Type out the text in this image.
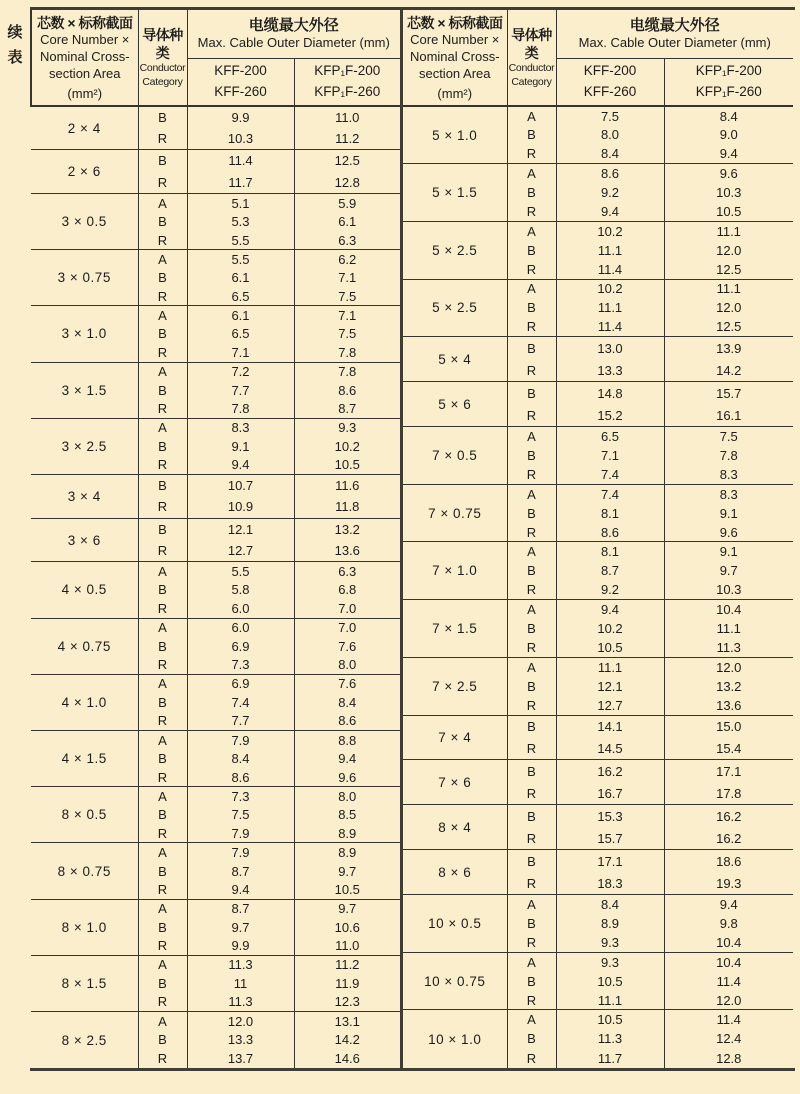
续表
芯数 × 标称截面
Core Number ×
Nominal Cross-
section Area
(mm²)

导体种
类
Conductor
Category

电缆最大外径
Max. Cable Outer Diameter (mm)

KFF-200
KFF-260

KFP₁F-200
KFP₁F-260

2 × 4	B	9.9	11.0
	R	10.3	11.2
2 × 6	B	11.4	12.5
	R	11.7	12.8
3 × 0.5	A	5.1	5.9
	B	5.3	6.1
	R	5.5	6.3
3 × 0.75	A	5.5	6.2
	B	6.1	7.1
	R	6.5	7.5
3 × 1.0	A	6.1	7.1
	B	6.5	7.5
	R	7.1	7.8
3 × 1.5	A	7.2	7.8
	B	7.7	8.6
	R	7.8	8.7
3 × 2.5	A	8.3	9.3
	B	9.1	10.2
	R	9.4	10.5
3 × 4	B	10.7	11.6
	R	10.9	11.8
3 × 6	B	12.1	13.2
	R	12.7	13.6
4 × 0.5	A	5.5	6.3
	B	5.8	6.8
	R	6.0	7.0
4 × 0.75	A	6.0	7.0
	B	6.9	7.6
	R	7.3	8.0
4 × 1.0	A	6.9	7.6
	B	7.4	8.4
	R	7.7	8.6
4 × 1.5	A	7.9	8.8
	B	8.4	9.4
	R	8.6	9.6
8 × 0.5	A	7.3	8.0
	B	7.5	8.5
	R	7.9	8.9
8 × 0.75	A	7.9	8.9
	B	8.7	9.7
	R	9.4	10.5
8 × 1.0	A	8.7	9.7
	B	9.7	10.6
	R	9.9	11.0
8 × 1.5	A	11.3	11.2
	B	11	11.9
	R	11.3	12.3
8 × 2.5	A	12.0	13.1
	B	13.3	14.2
	R	13.7	14.6
芯数 × 标称截面
Core Number ×
Nominal Cross-
section Area
(mm²)

导体种
类
Conductor
Category

电缆最大外径
Max. Cable Outer Diameter (mm)

KFF-200
KFF-260

KFP₁F-200
KFP₁F-260

5 × 1.0	A	7.5	8.4
	B	8.0	9.0
	R	8.4	9.4
5 × 1.5	A	8.6	9.6
	B	9.2	10.3
	R	9.4	10.5
5 × 2.5	A	10.2	11.1
	B	11.1	12.0
	R	11.4	12.5
5 × 2.5	A	10.2	11.1
	B	11.1	12.0
	R	11.4	12.5
5 × 4	B	13.0	13.9
	R	13.3	14.2
5 × 6	B	14.8	15.7
	R	15.2	16.1
7 × 0.5	A	6.5	7.5
	B	7.1	7.8
	R	7.4	8.3
7 × 0.75	A	7.4	8.3
	B	8.1	9.1
	R	8.6	9.6
7 × 1.0	A	8.1	9.1
	B	8.7	9.7
	R	9.2	10.3
7 × 1.5	A	9.4	10.4
	B	10.2	11.1
	R	10.5	11.3
7 × 2.5	A	11.1	12.0
	B	12.1	13.2
	R	12.7	13.6
7 × 4	B	14.1	15.0
	R	14.5	15.4
7 × 6	B	16.2	17.1
	R	16.7	17.8
8 × 4	B	15.3	16.2
	R	15.7	16.2
8 × 6	B	17.1	18.6
	R	18.3	19.3
10 × 0.5	A	8.4	9.4
	B	8.9	9.8
	R	9.3	10.4
10 × 0.75	A	9.3	10.4
	B	10.5	11.4
	R	11.1	12.0
10 × 1.0	A	10.5	11.4
	B	11.3	12.4
	R	11.7	12.8
